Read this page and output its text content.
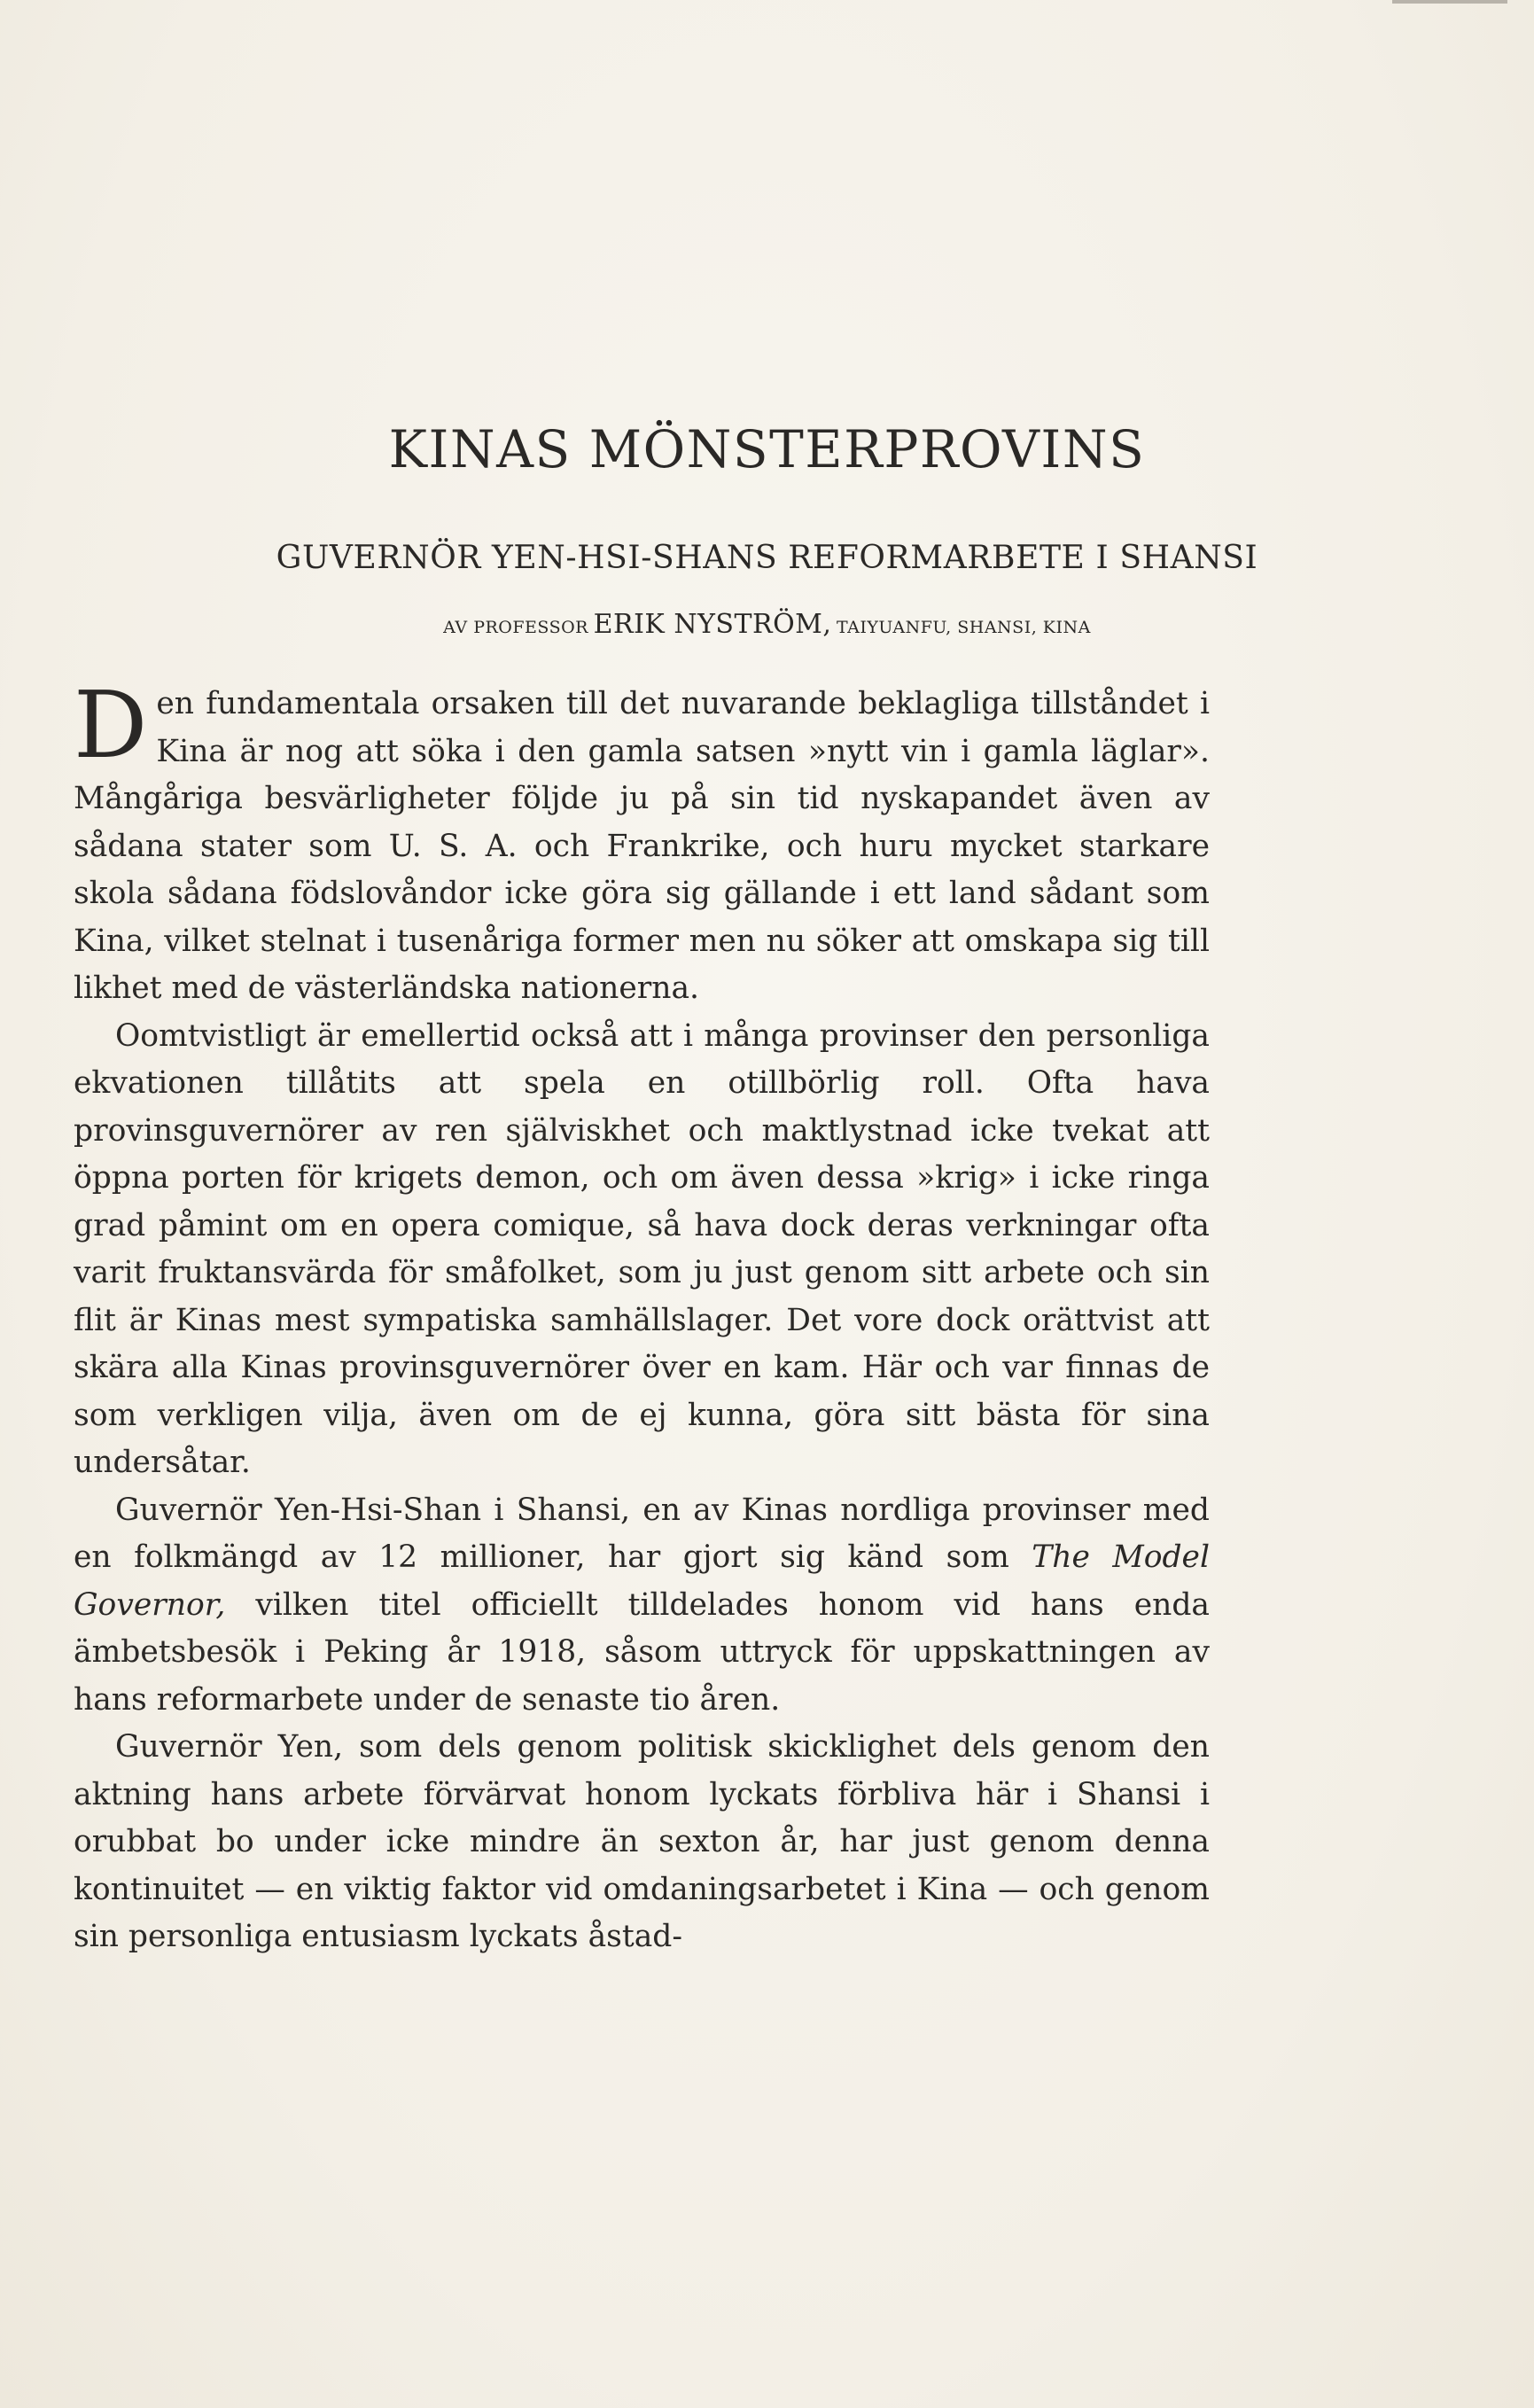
KINAS MÖNSTERPROVINS
GUVERNÖR YEN-HSI-SHANS REFORMARBETE I SHANSI
AV PROFESSOR ERIK NYSTRÖM, TAIYUANFU, SHANSI, KINA

Den fundamentala orsaken till det nuvarande beklagliga tillståndet i Kina är nog att söka i den gamla satsen »nytt vin i gamla läglar». Mångåriga besvärligheter följde ju på sin tid nyskapandet även av sådana stater som U. S. A. och Frankrike, och huru mycket starkare skola sådana födslovåndor icke göra sig gällande i ett land sådant som Kina, vilket stelnat i tusenåriga former men nu söker att omskapa sig till likhet med de västerländska nationerna.

Oomtvistligt är emellertid också att i många provinser den personliga ekvationen tillåtits att spela en otillbörlig roll. Ofta hava provinsguvernörer av ren själviskhet och maktlystnad icke tvekat att öppna porten för krigets demon, och om även dessa »krig» i icke ringa grad påmint om en opera comique, så hava dock deras verkningar ofta varit fruktansvärda för småfolket, som ju just genom sitt arbete och sin flit är Kinas mest sympatiska samhällslager. Det vore dock orättvist att skära alla Kinas provinsguvernörer över en kam. Här och var finnas de som verkligen vilja, även om de ej kunna, göra sitt bästa för sina undersåtar.

Guvernör Yen-Hsi-Shan i Shansi, en av Kinas nordliga provinser med en folkmängd av 12 millioner, har gjort sig känd som The Model Governor, vilken titel officiellt tilldelades honom vid hans enda ämbetsbesök i Peking år 1918, såsom uttryck för uppskattningen av hans reformarbete under de senaste tio åren.

Guvernör Yen, som dels genom politisk skicklighet dels genom den aktning hans arbete förvärvat honom lyckats förbliva här i Shansi i orubbat bo under icke mindre än sexton år, har just genom denna kontinuitet — en viktig faktor vid omdaningsarbetet i Kina — och genom sin personliga entusiasm lyckats åstad-
